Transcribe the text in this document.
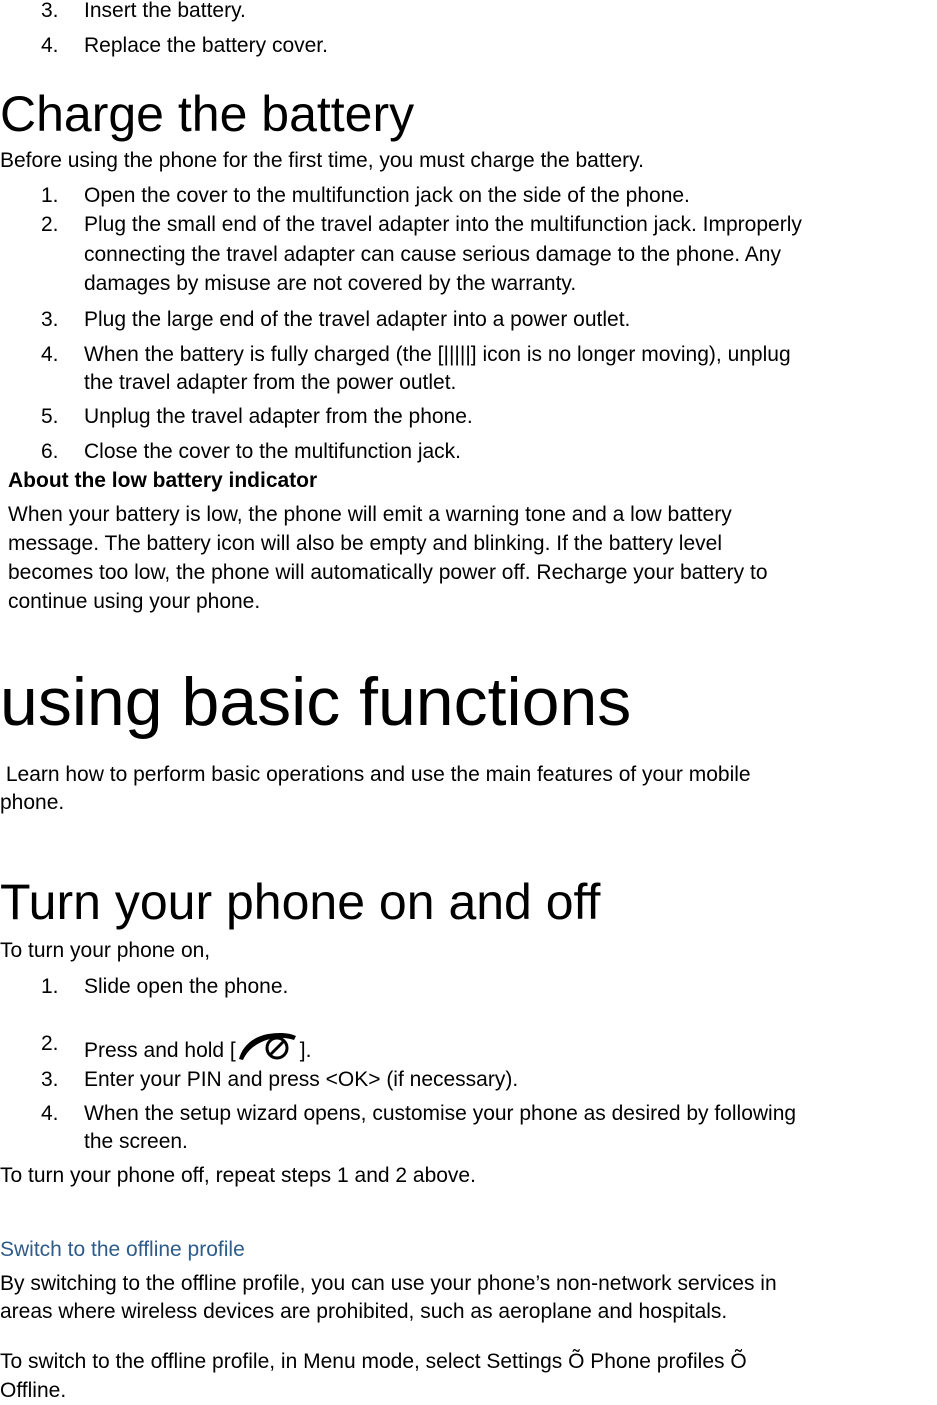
3. Insert the battery.
4. Replace the battery cover.
Charge the battery

Before using the phone for the first time, you must charge the battery.

1. Open the cover to the multifunction jack on the side of the phone.
2. Plug the small end of the travel adapter into the multifunction jack. Improperly
connecting the travel adapter can cause serious damage to the phone. Any
damages by misuse are not covered by the warranty.
3. Plug the large end of the travel adapter into a power outlet.
4. When the battery is fully charged (the [|||||] icon is no longer moving), unplug
the travel adapter from the power outlet.
5. Unplug the travel adapter from the phone.
6. Close the cover to the multifunction jack.

About the low battery indicator

When your battery is low, the phone will emit a warning tone and a low battery

message. The battery icon will also be empty and blinking. If the battery level

becomes too low, the phone will automatically power off. Recharge your battery to

continue using your phone.

using basic functions

Learn how to perform basic operations and use the main features of your mobile

phone.

Turn your phone on and off

To turn your phone on,

1. Slide open the phone.
2. Press and hold [	].
3. Enter your PIN and press <OK> (if necessary).
4. When the setup wizard opens, customise your phone as desired by following
the screen.

To turn your phone off, repeat steps 1 and 2 above.

Switch to the offline profile

By switching to the offline profile, you can use your phone’s non-network services in

areas where wireless devices are prohibited, such as aeroplane and hospitals.

To switch to the offline profile, in Menu mode, select Settings Õ Phone profiles Õ

Offline.
